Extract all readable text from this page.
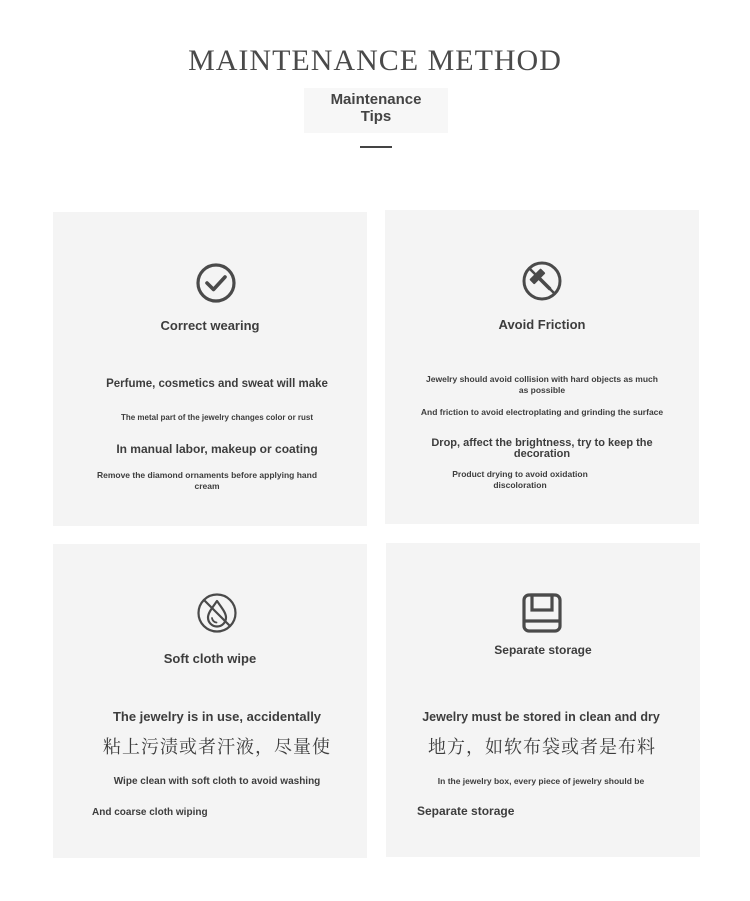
MAINTENANCE METHOD
Maintenance
Tips
Correct wearing
Perfume, cosmetics and sweat will make
The metal part of the jewelry changes color or rust
In manual labor, makeup or coating
Remove the diamond ornaments before applying hand cream
Avoid Friction
Jewelry should avoid collision with hard objects as much as possible
And friction to avoid electroplating and grinding the surface
Drop, affect the brightness, try to keep the decoration
Product drying to avoid oxidation discoloration
Soft cloth wipe
The jewelry is in use, accidentally
粘上污渍或者汗液，尽量使
Wipe clean with soft cloth to avoid washing
And coarse cloth wiping
Separate storage
Jewelry must be stored in clean and dry
地方，如软布袋或者是布料
In the jewelry box, every piece of jewelry should be
Separate storage
